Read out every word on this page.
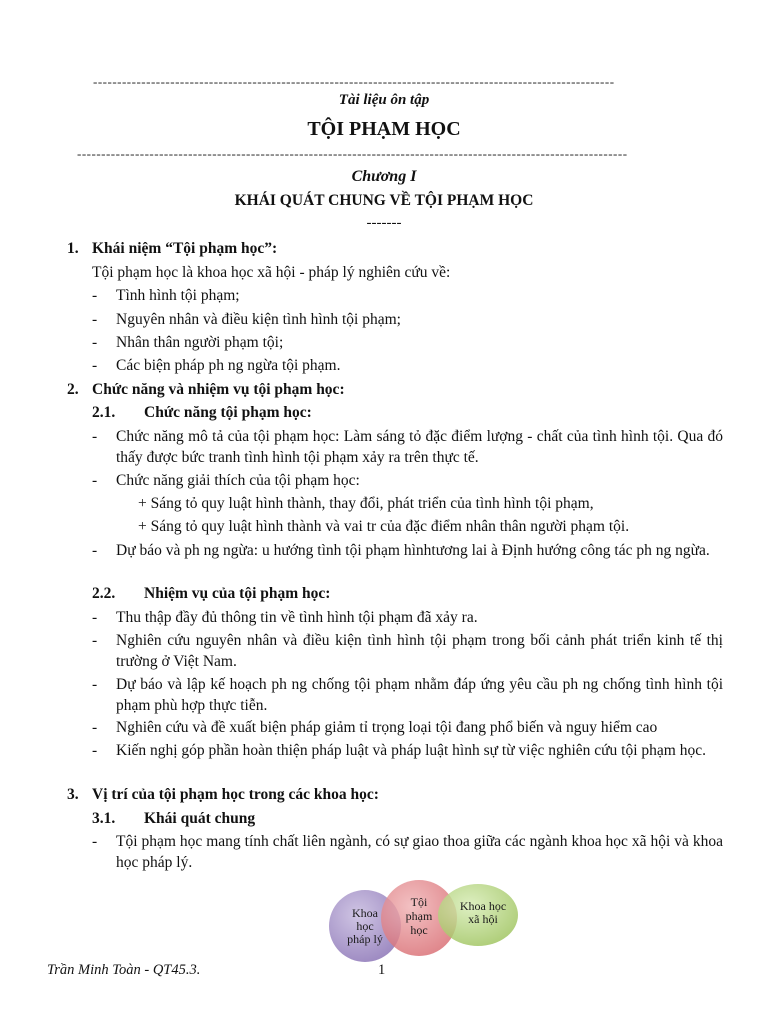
------------------------------------------------------------------------------------------------------------
Tài liệu ôn tập
TỘI PHẠM HỌC
------------------------------------------------------------------------------------------------------------------
Chương I
KHÁI QUÁT CHUNG VỀ TỘI PHẠM HỌC
-------
1. Khái niệm “Tội phạm học”:
Tội phạm học là khoa học xã hội - pháp lý nghiên cứu về:
- Tình hình tội phạm;
- Nguyên nhân và điều kiện tình hình tội phạm;
- Nhân thân người phạm tội;
- Các biện pháp ph ng ngừa tội phạm.
2. Chức năng và nhiệm vụ tội phạm học:
2.1. Chức năng tội phạm học:
- Chức năng mô tả của tội phạm học: Làm sáng tỏ đặc điểm lượng - chất của tình hình tội. Qua đó thấy được bức tranh tình hình tội phạm xảy ra trên thực tế.
- Chức năng giải thích của tội phạm học:
+ Sáng tỏ quy luật hình thành, thay đổi, phát triển của tình hình tội phạm,
+ Sáng tỏ quy luật hình thành và vai tr của đặc điểm nhân thân người phạm tội.
- Dự báo và ph ng ngừa: u hướng tình tội phạm hìnhtương lai à Định hướng công tác ph ng ngừa.
2.2. Nhiệm vụ của tội phạm học:
- Thu thập đầy đủ thông tin về tình hình tội phạm đã xảy ra.
- Nghiên cứu nguyên nhân và điều kiện tình hình tội phạm trong bối cảnh phát triển kinh tế thị trường ở Việt Nam.
- Dự báo và lập kế hoạch ph ng chống tội phạm nhằm đáp ứng yêu cầu ph ng chống tình hình tội phạm phù hợp thực tiễn.
- Nghiên cứu và đề xuất biện pháp giảm tỉ trọng loại tội đang phổ biến và nguy hiểm cao
- Kiến nghị góp phần hoàn thiện pháp luật và pháp luật hình sự từ việc nghiên cứu tội phạm học.
3. Vị trí của tội phạm học trong các khoa học:
3.1. Khái quát chung
- Tội phạm học mang tính chất liên ngành, có sự giao thoa giữa các ngành khoa học xã hội và khoa học pháp lý.
Khoa
học
pháp lý
Tội
phạm
học
Khoa học
xã hội
Trần Minh Toàn - QT45.3.	1
